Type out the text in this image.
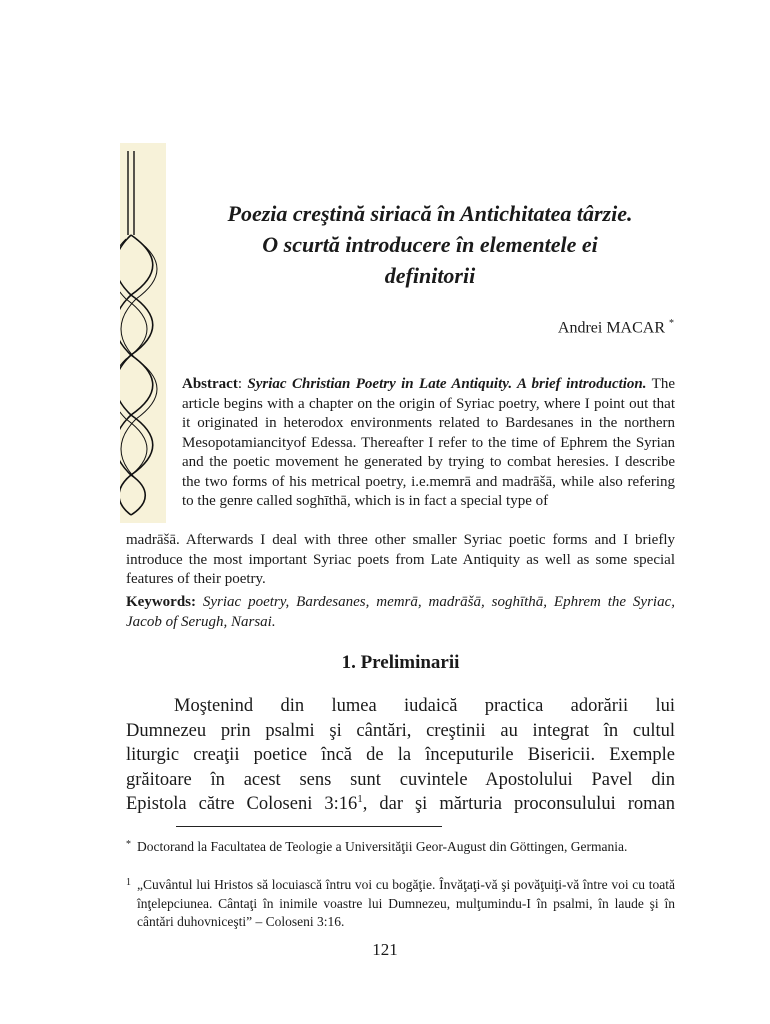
Poezia creştină siriacă în Antichitatea târzie.
O scurtă introducere în elementele ei
definitorii
Andrei MACAR *
Abstract: Syriac Christian Poetry in Late Antiquity. A brief introduction. The article begins with a chapter on the origin of Syriac poetry, where I point out that it originated in heterodox environments related to Bardesanes in the northern Mesopotamiancityof Edessa. Thereafter I refer to the time of Ephrem the Syrian and the poetic movement he generated by trying to combat heresies. I describe the two forms of his metrical poetry, i.e.memrā and madrāšā, while also refering to the genre called soghīthā, which is in fact a special type of
madrāšā. Afterwards I deal with three other smaller Syriac poetic forms and I briefly introduce the most important Syriac poets from Late Antiquity as well as some special features of their poetry.
Keywords: Syriac poetry, Bardesanes, memrā, madrāšā, soghīthā, Ephrem the Syriac, Jacob of Serugh, Narsai.
1. Preliminarii
Moştenind din lumea iudaică practica adorării lui
Dumnezeu prin psalmi şi cântări, creştinii au integrat în cultul
liturgic creaţii poetice încă de la începuturile Bisericii. Exemple
grăitoare în acest sens sunt cuvintele Apostolului Pavel din
Epistola către Coloseni $3:16^1$, dar şi mărturia proconsulului roman
* Doctorand la Facultatea de Teologie a Universităţii Geor-August din Göttingen, Germania.
1 „Cuvântul lui Hristos să locuiască întru voi cu bogăţie. Învăţaţi-vă şi povăţuiţi-vă între voi cu toată înţelepciunea. Cântaţi în inimile voastre lui Dumnezeu, mulţumindu-I în psalmi, în laude şi în cântări duhovniceşti” – Coloseni 3:16.
121
